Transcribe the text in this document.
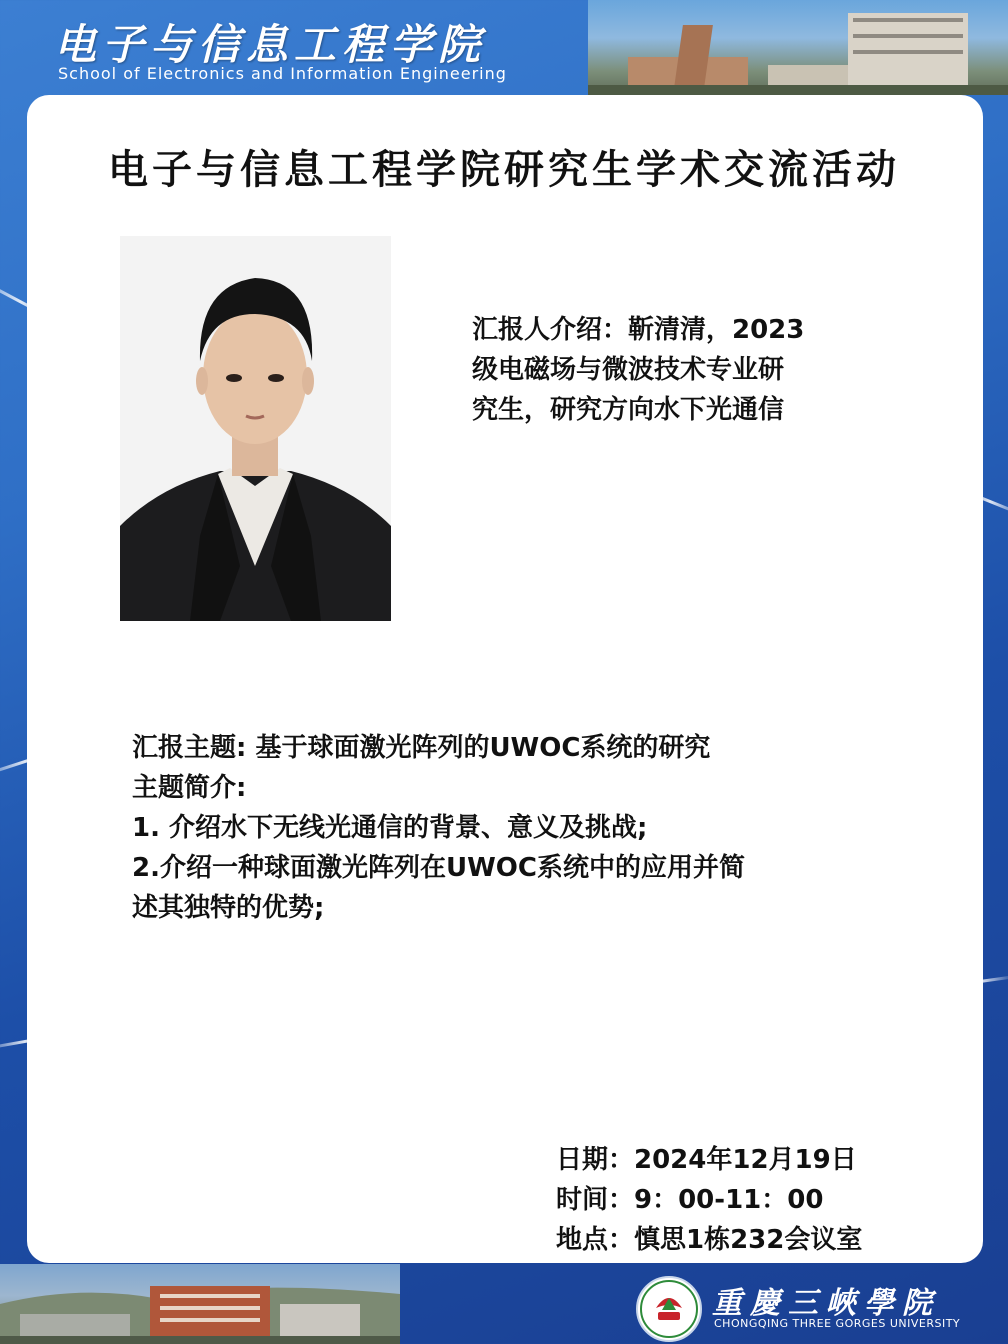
电子与信息工程学院
School of Electronics and Information Engineering
电子与信息工程学院研究生学术交流活动
汇报人介绍：靳清清，2023
级电磁场与微波技术专业研
究生，研究方向水下光通信
汇报主题: 基于球面激光阵列的UWOC系统的研究
主题简介:
1. 介绍水下无线光通信的背景、意义及挑战;
2.介绍一种球面激光阵列在UWOC系统中的应用并简
述其独特的优势;
日期：2024年12月19日
时间：9：00-11：00
地点：慎思1栋232会议室
重慶三峽學院
CHONGQING THREE GORGES UNIVERSITY
